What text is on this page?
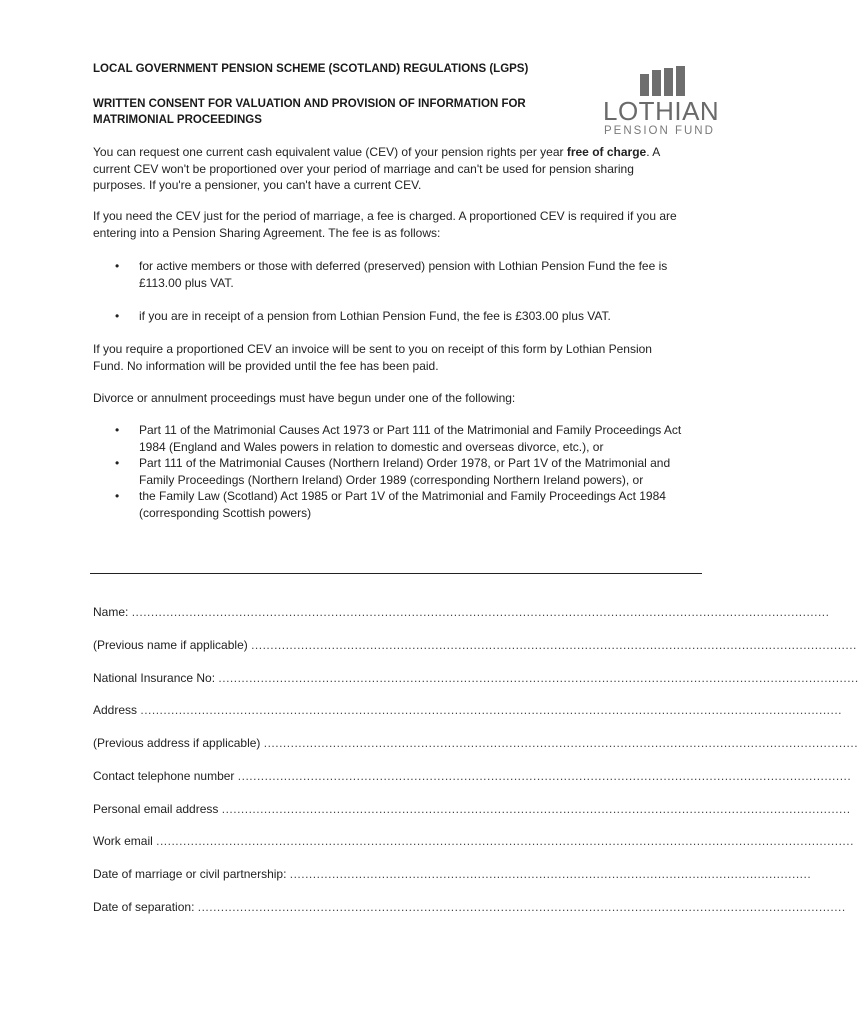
LOCAL GOVERNMENT PENSION SCHEME (SCOTLAND) REGULATIONS (LGPS)
WRITTEN CONSENT FOR VALUATION AND PROVISION OF INFORMATION FOR MATRIMONIAL PROCEEDINGS	LOTHIAN
PENSION FUND
You can request one current cash equivalent value (CEV) of your pension rights per year free of charge. A current CEV won't be proportioned over your period of marriage and can't be used for pension sharing purposes. If you're a pensioner, you can't have a current CEV.
If you need the CEV just for the period of marriage, a fee is charged. A proportioned CEV is required if you are entering into a Pension Sharing Agreement. The fee is as follows:
• for active members or those with deferred (preserved) pension with Lothian Pension Fund the fee is £113.00 plus VAT.
• if you are in receipt of a pension from Lothian Pension Fund, the fee is £303.00 plus VAT.
If you require a proportioned CEV an invoice will be sent to you on receipt of this form by Lothian Pension Fund. No information will be provided until the fee has been paid.
Divorce or annulment proceedings must have begun under one of the following:
• Part 11 of the Matrimonial Causes Act 1973 or Part 111 of the Matrimonial and Family Proceedings Act 1984 (England and Wales powers in relation to domestic and overseas divorce, etc.), or
• Part 111 of the Matrimonial Causes (Northern Ireland) Order 1978, or Part 1V of the Matrimonial and Family Proceedings (Northern Ireland) Order 1989 (corresponding Northern Ireland powers), or
• the Family Law (Scotland) Act 1985 or Part 1V of the Matrimonial and Family Proceedings Act 1984 (corresponding Scottish powers)
Name: ......................................................................................................................................................................................
(Previous name if applicable) ..............................................................................................................................................................
National Insurance No: .......................................................................................................................................................................
Address .......................................................................................................................................................................................
(Previous address if applicable) ...........................................................................................................................................................
Contact telephone number ................................................................................................................................................................
Personal email address ....................................................................................................................................................................
Work email ......................................................................................................................................................................................
Date of marriage or civil partnership: ........................................................................................................................................
Date of separation: .........................................................................................................................................................................
